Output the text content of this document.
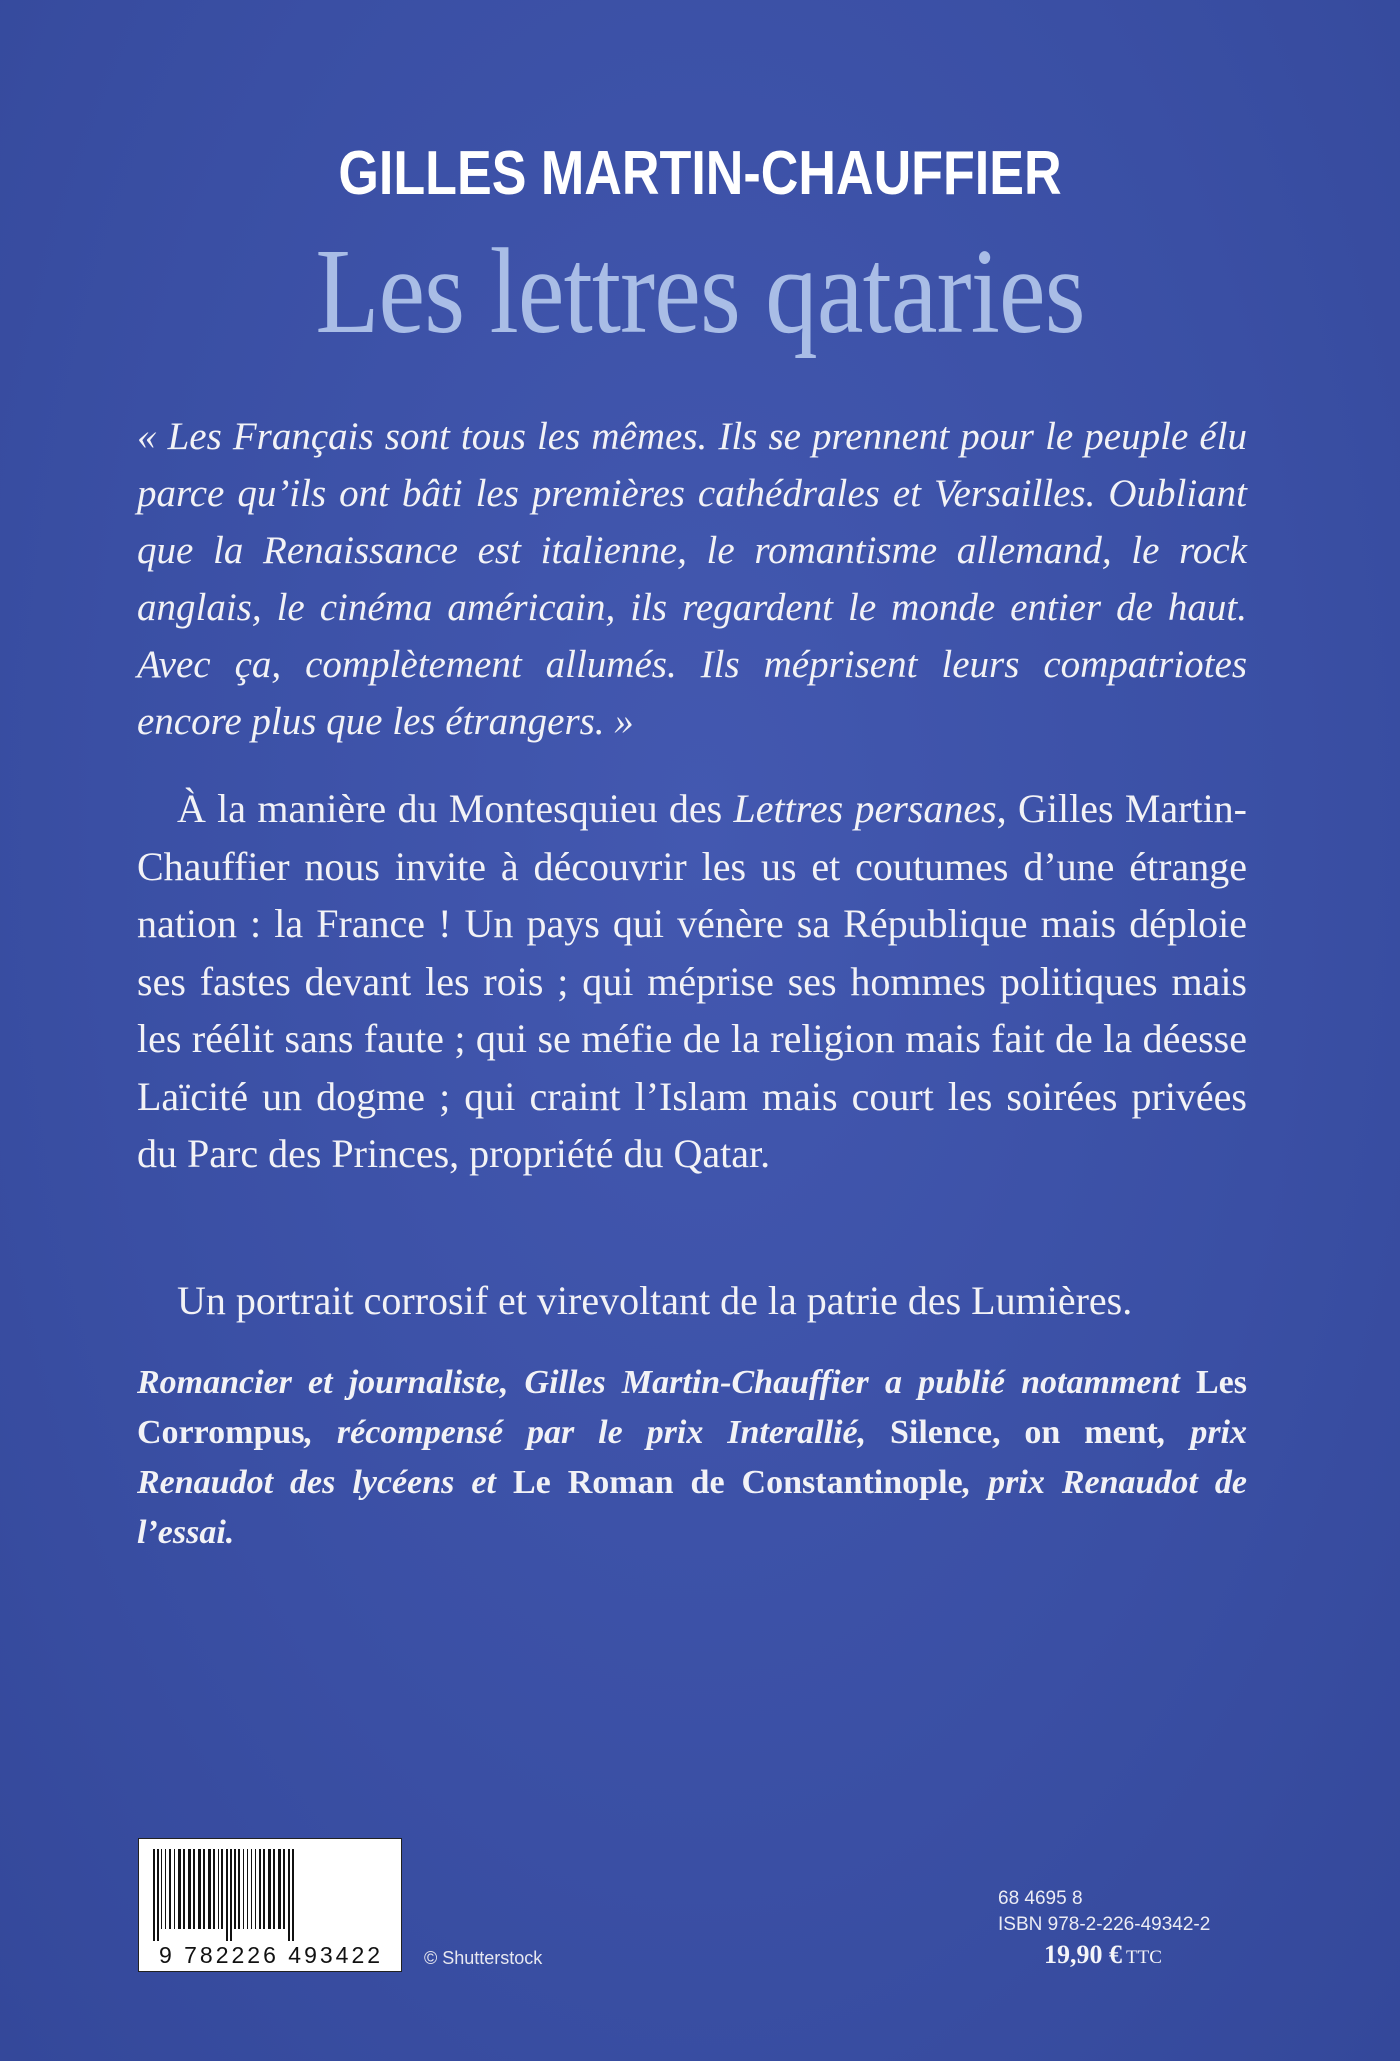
GILLES MARTIN-CHAUFFIER
Les lettres qataries

« Les Français sont tous les mêmes. Ils se prennent pour le peuple élu parce qu’ils ont bâti les premières cathédrales et Versailles. Oubliant que la Renaissance est italienne, le romantisme allemand, le rock anglais, le cinéma américain, ils regardent le monde entier de haut. Avec ça, complètement allumés. Ils méprisent leurs compatriotes encore plus que les étrangers. »

À la manière du Montesquieu des Lettres persanes, Gilles Martin-Chauffier nous invite à découvrir les us et coutumes d’une étrange nation : la France ! Un pays qui vénère sa République mais déploie ses fastes devant les rois ; qui méprise ses hommes politiques mais les réélit sans faute ; qui se méfie de la religion mais fait de la déesse Laïcité un dogme ; qui craint l’Islam mais court les soirées privées du Parc des Princes, propriété du Qatar.

Un portrait corrosif et virevoltant de la patrie des Lumières.

Romancier et journaliste, Gilles Martin-Chauffier a publié notamment Les Corrompus, récompensé par le prix Interallié, Silence, on ment, prix Renaudot des lycéens et Le Roman de Constantinople, prix Renaudot de l’essai.

9 782226 493422	© Shutterstock
68 4695 8
ISBN 978-2-226-49342-2
19,90 € TTC
